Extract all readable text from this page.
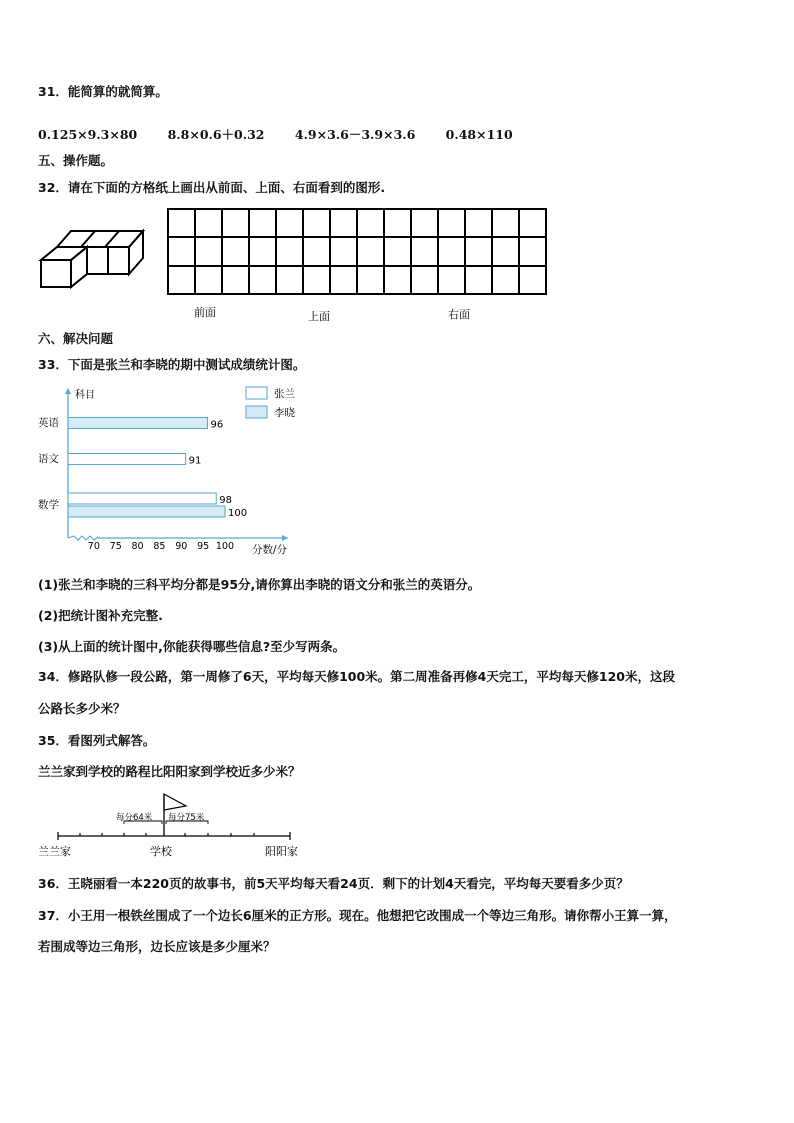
31．能简算的就简算。
0.125×9.3×80 8.8×0.6＋0.32 4.9×3.6－3.9×3.6 0.48×110
五、操作题。
32．请在下面的方格纸上画出从前面、上面、右面看到的图形.
前面	上面	右面
六、解决问题
33．下面是张兰和李晓的期中测试成绩统计图。
科目
分数/分
70 75 80 85 90 95 100
英语
语文
数学
96
91
98
100
张兰
李晓
(1)张兰和李晓的三科平均分都是95分,请你算出李晓的语文分和张兰的英语分。
(2)把统计图补充完整.
(3)从上面的统计图中,你能获得哪些信息?至少写两条。
34．修路队修一段公路，第一周修了6天，平均每天修100米。第二周准备再修4天完工，平均每天修120米，这段
公路长多少米？
35．看图列式解答。
兰兰家到学校的路程比阳阳家到学校近多少米？
每分64米 每分75米
兰兰家	学校	阳阳家
36．王晓丽看一本220页的故事书，前5天平均每天看24页．剩下的计划4天看完，平均每天要看多少页？
37．小王用一根铁丝围成了一个边长6厘米的正方形。现在。他想把它改围成一个等边三角形。请你帮小王算一算，
若围成等边三角形，边长应该是多少厘米？
